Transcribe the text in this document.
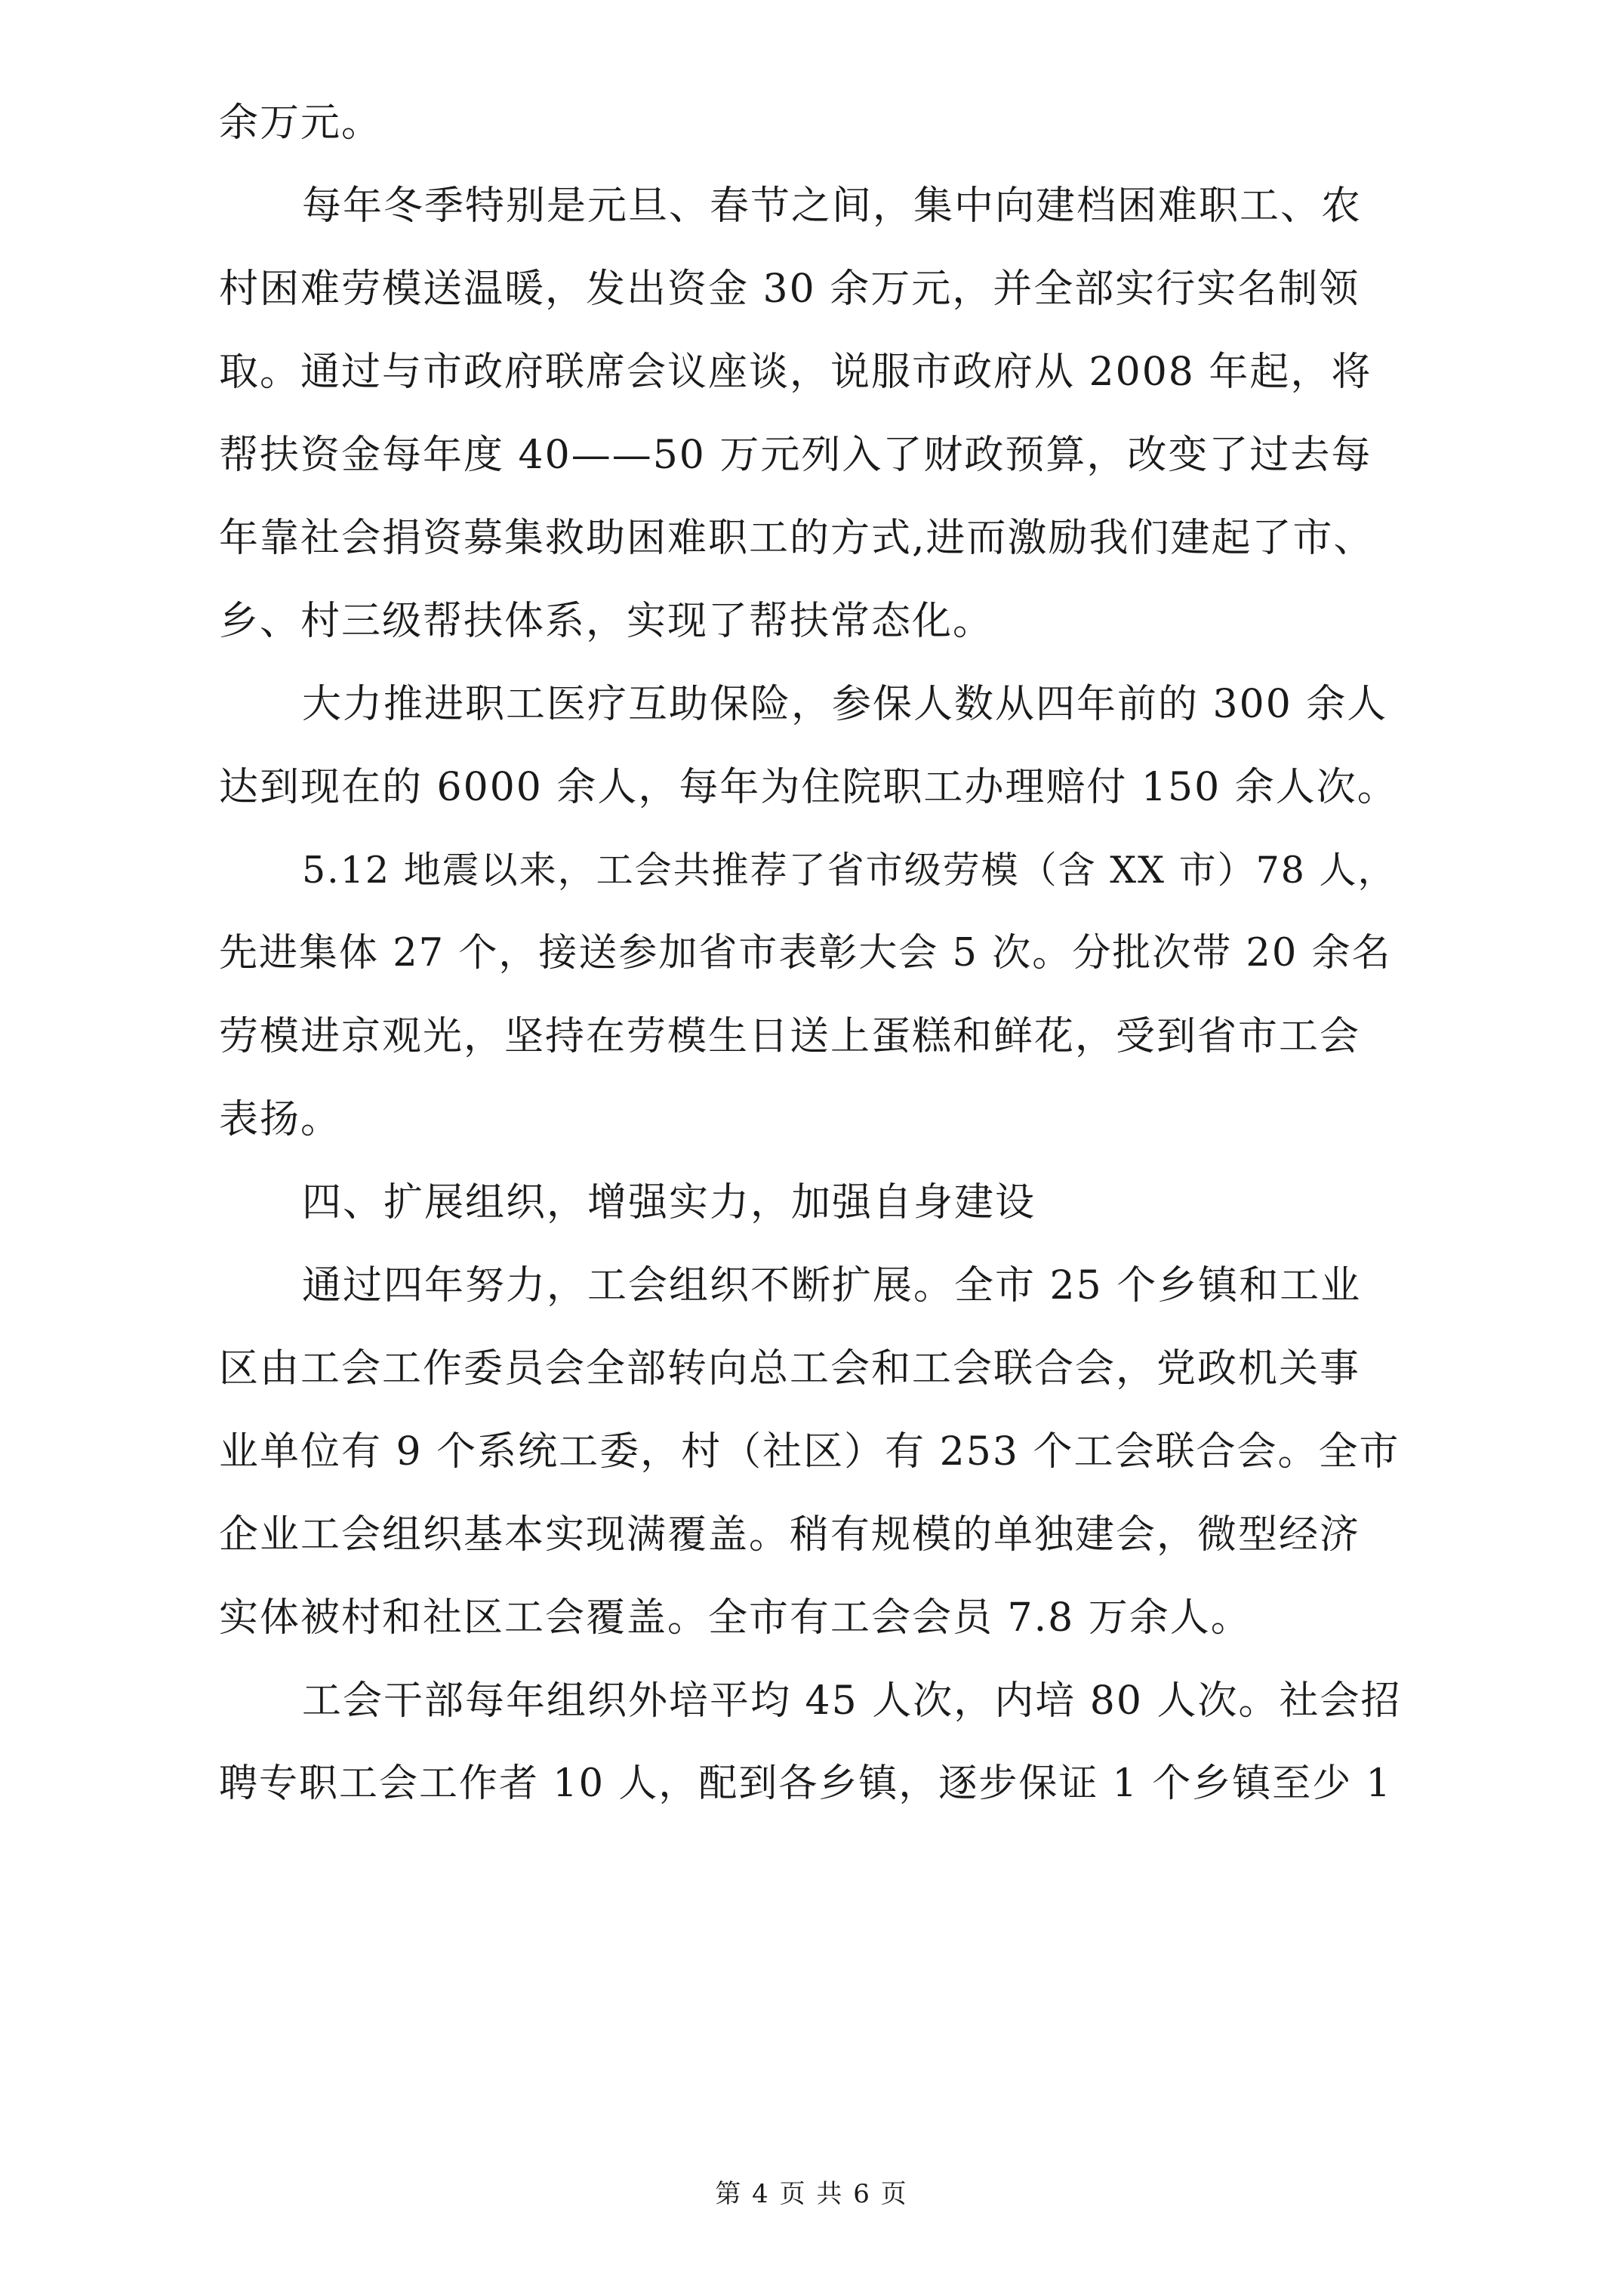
余万元。
每年冬季特别是元旦、春节之间，集中向建档困难职工、农
村困难劳模送温暖，发出资金 30 余万元，并全部实行实名制领
取。通过与市政府联席会议座谈，说服市政府从 2008 年起，将
帮扶资金每年度 40——50 万元列入了财政预算，改变了过去每
年靠社会捐资募集救助困难职工的方式,进而激励我们建起了市、
乡、村三级帮扶体系，实现了帮扶常态化。
大力推进职工医疗互助保险，参保人数从四年前的 300 余人
达到现在的 6000 余人，每年为住院职工办理赔付 150 余人次。
5.12 地震以来，工会共推荐了省市级劳模（含 XX 市）78 人，
先进集体 27 个，接送参加省市表彰大会 5 次。分批次带 20 余名
劳模进京观光，坚持在劳模生日送上蛋糕和鲜花，受到省市工会
表扬。
四、扩展组织，增强实力，加强自身建设
通过四年努力，工会组织不断扩展。全市 25 个乡镇和工业
区由工会工作委员会全部转向总工会和工会联合会，党政机关事
业单位有 9 个系统工委，村（社区）有 253 个工会联合会。全市
企业工会组织基本实现满覆盖。稍有规模的单独建会，微型经济
实体被村和社区工会覆盖。全市有工会会员 7.8 万余人。
工会干部每年组织外培平均 45 人次，内培 80 人次。社会招
聘专职工会工作者 10 人，配到各乡镇，逐步保证 1 个乡镇至少 1
第 4 页 共 6 页
